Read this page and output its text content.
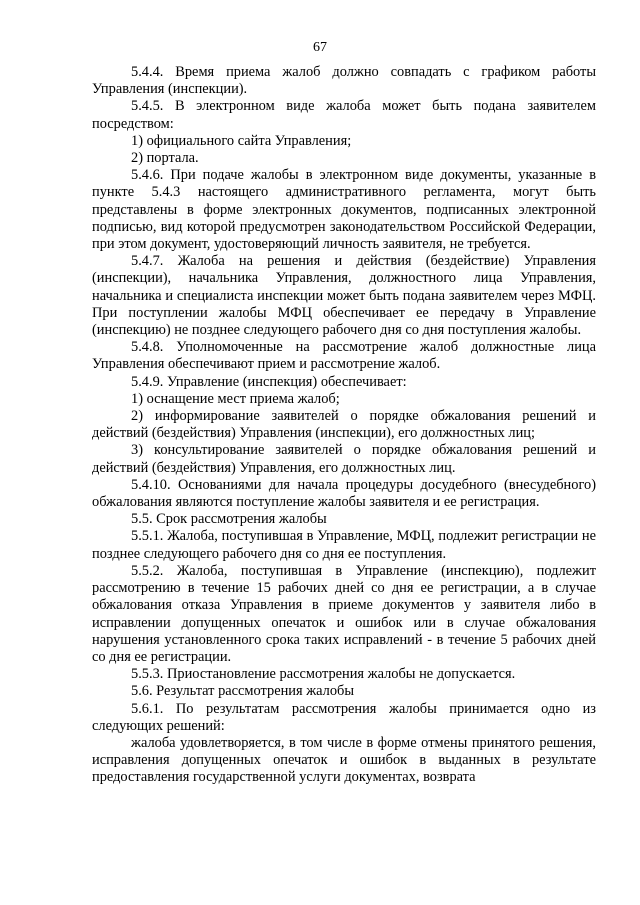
67

5.4.4. Время приема жалоб должно совпадать с графиком работы Управления (инспекции).

5.4.5. В электронном виде жалоба может быть подана заявителем посредством:

1) официального сайта Управления;

2) портала.

5.4.6. При подаче жалобы в электронном виде документы, указанные в пункте 5.4.3 настоящего административного регламента, могут быть представлены в форме электронных документов, подписанных электронной подписью, вид которой предусмотрен законодательством Российской Федерации, при этом документ, удостоверяющий личность заявителя, не требуется.

5.4.7. Жалоба на решения и действия (бездействие) Управления (инспекции), начальника Управления, должностного лица Управления, начальника и специалиста инспекции может быть подана заявителем через МФЦ. При поступлении жалобы МФЦ обеспечивает ее передачу в Управление (инспекцию) не позднее следующего рабочего дня со дня поступления жалобы.

5.4.8. Уполномоченные на рассмотрение жалоб должностные лица Управления обеспечивают прием и рассмотрение жалоб.

5.4.9. Управление (инспекция) обеспечивает:

1) оснащение мест приема жалоб;

2) информирование заявителей о порядке обжалования решений и действий (бездействия) Управления (инспекции), его должностных лиц;

3) консультирование заявителей о порядке обжалования решений и действий (бездействия) Управления, его должностных лиц.

5.4.10. Основаниями для начала процедуры досудебного (внесудебного) обжалования являются поступление жалобы заявителя и ее регистрация.

5.5. Срок рассмотрения жалобы

5.5.1. Жалоба, поступившая в Управление, МФЦ, подлежит регистрации не позднее следующего рабочего дня со дня ее поступления.

5.5.2. Жалоба, поступившая в Управление (инспекцию), подлежит рассмотрению в течение 15 рабочих дней со дня ее регистрации, а в случае обжалования отказа Управления в приеме документов у заявителя либо в исправлении допущенных опечаток и ошибок или в случае обжалования нарушения установленного срока таких исправлений - в течение 5 рабочих дней со дня ее регистрации.

5.5.3. Приостановление рассмотрения жалобы не допускается.

5.6. Результат рассмотрения жалобы

5.6.1. По результатам рассмотрения жалобы принимается одно из следующих решений:

жалоба удовлетворяется, в том числе в форме отмены принятого решения, исправления допущенных опечаток и ошибок в выданных в результате предоставления государственной услуги документах, возврата
